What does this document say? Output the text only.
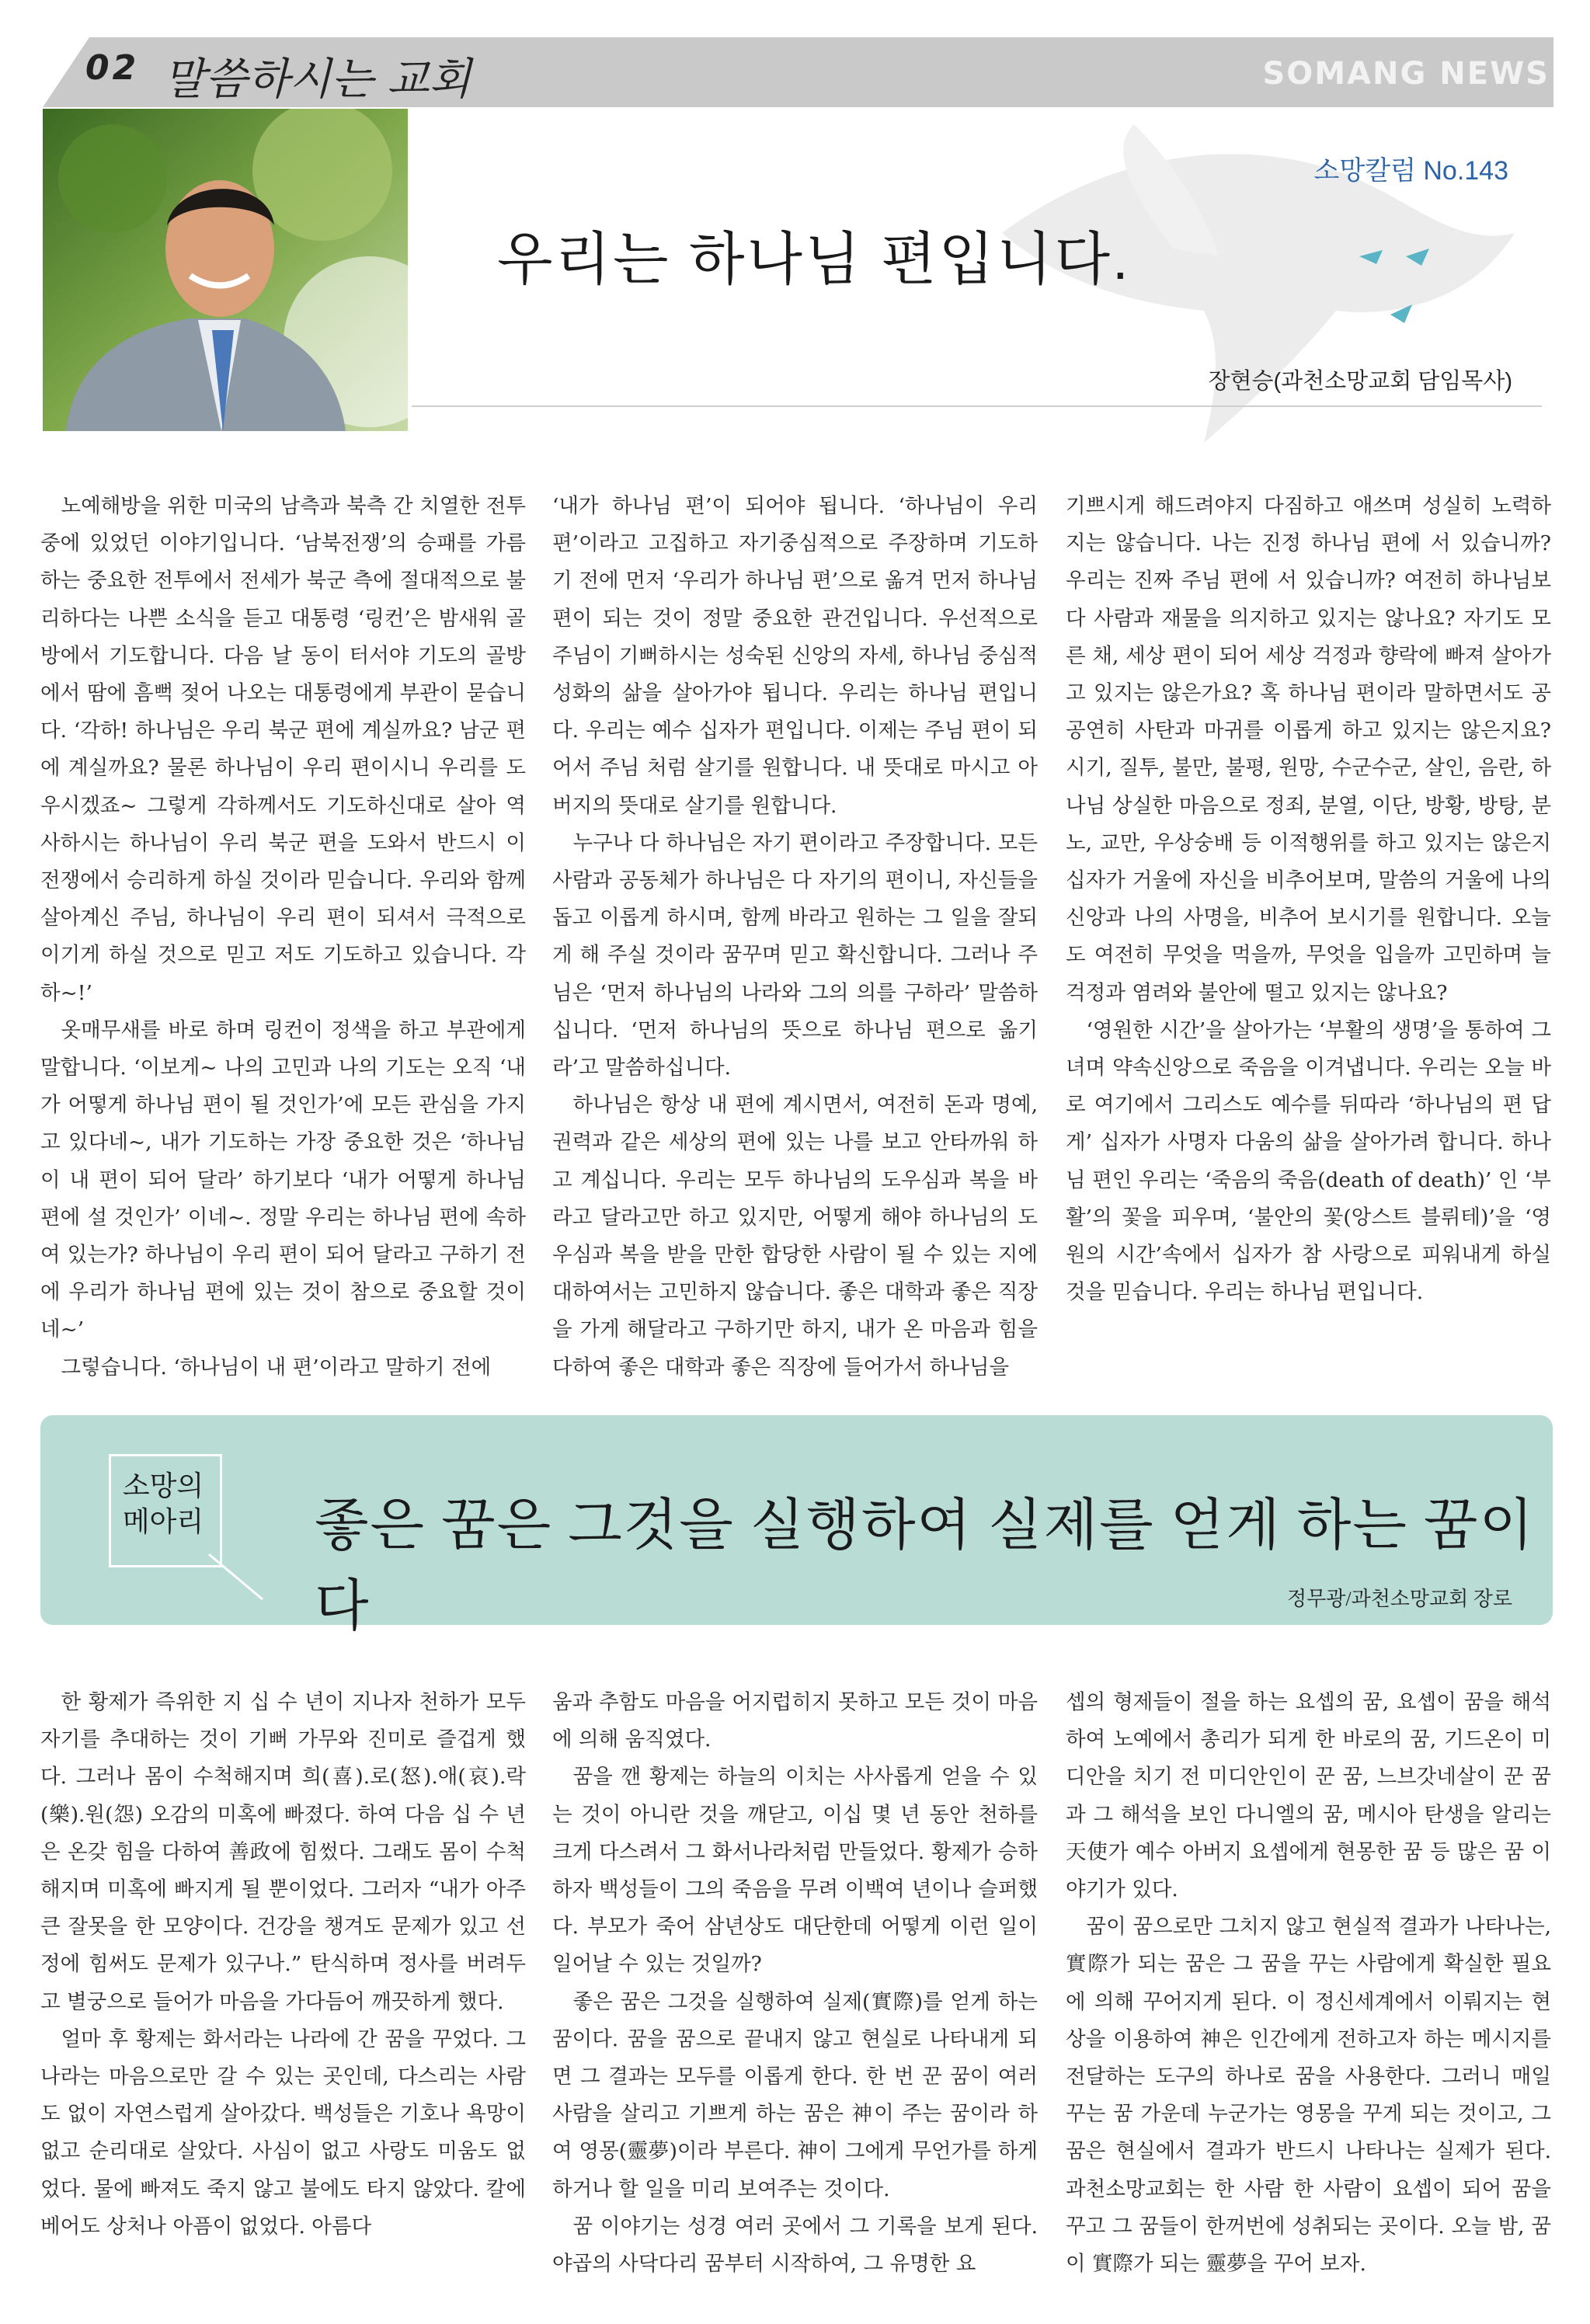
02 말씀하시는 교회	SOMANG NEWS
소망칼럼 No.143
우리는 하나님 편입니다.
장현승(과천소망교회 담임목사)

노예해방을 위한 미국의 남측과 북측 간 치열한 전투 중에 있었던 이야기입니다. ‘남북전쟁’의 승패를 가름하는 중요한 전투에서 전세가 북군 측에 절대적으로 불리하다는 나쁜 소식을 듣고 대통령 ‘링컨’은 밤새워 골방에서 기도합니다. 다음 날 동이 터서야 기도의 골방에서 땀에 흠뻑 젖어 나오는 대통령에게 부관이 묻습니다. ‘각하! 하나님은 우리 북군 편에 계실까요? 남군 편에 계실까요? 물론 하나님이 우리 편이시니 우리를 도우시겠죠~ 그렇게 각하께서도 기도하신대로 살아 역사하시는 하나님이 우리 북군 편을 도와서 반드시 이 전쟁에서 승리하게 하실 것이라 믿습니다. 우리와 함께 살아계신 주님, 하나님이 우리 편이 되셔서 극적으로 이기게 하실 것으로 믿고 저도 기도하고 있습니다. 각하~!’

옷매무새를 바로 하며 링컨이 정색을 하고 부관에게 말합니다. ‘이보게~ 나의 고민과 나의 기도는 오직 ‘내가 어떻게 하나님 편이 될 것인가’에 모든 관심을 가지고 있다네~, 내가 기도하는 가장 중요한 것은 ‘하나님이 내 편이 되어 달라’ 하기보다 ‘내가 어떻게 하나님 편에 설 것인가’ 이네~. 정말 우리는 하나님 편에 속하여 있는가? 하나님이 우리 편이 되어 달라고 구하기 전에 우리가 하나님 편에 있는 것이 참으로 중요할 것이네~’

그렇습니다. ‘하나님이 내 편’이라고 말하기 전에

‘내가 하나님 편’이 되어야 됩니다. ‘하나님이 우리 편’이라고 고집하고 자기중심적으로 주장하며 기도하기 전에 먼저 ‘우리가 하나님 편’으로 옮겨 먼저 하나님 편이 되는 것이 정말 중요한 관건입니다. 우선적으로 주님이 기뻐하시는 성숙된 신앙의 자세, 하나님 중심적 성화의 삶을 살아가야 됩니다. 우리는 하나님 편입니다. 우리는 예수 십자가 편입니다. 이제는 주님 편이 되어서 주님 처럼 살기를 원합니다. 내 뜻대로 마시고 아버지의 뜻대로 살기를 원합니다.

누구나 다 하나님은 자기 편이라고 주장합니다. 모든 사람과 공동체가 하나님은 다 자기의 편이니, 자신들을 돕고 이롭게 하시며, 함께 바라고 원하는 그 일을 잘되게 해 주실 것이라 꿈꾸며 믿고 확신합니다. 그러나 주님은 ‘먼저 하나님의 나라와 그의 의를 구하라’ 말씀하십니다. ‘먼저 하나님의 뜻으로 하나님 편으로 옮기라’고 말씀하십니다.

하나님은 항상 내 편에 계시면서, 여전히 돈과 명예, 권력과 같은 세상의 편에 있는 나를 보고 안타까워 하고 계십니다. 우리는 모두 하나님의 도우심과 복을 바라고 달라고만 하고 있지만, 어떻게 해야 하나님의 도우심과 복을 받을 만한 합당한 사람이 될 수 있는 지에 대하여서는 고민하지 않습니다. 좋은 대학과 좋은 직장을 가게 해달라고 구하기만 하지, 내가 온 마음과 힘을 다하여 좋은 대학과 좋은 직장에 들어가서 하나님을

기쁘시게 해드려야지 다짐하고 애쓰며 성실히 노력하지는 않습니다. 나는 진정 하나님 편에 서 있습니까? 우리는 진짜 주님 편에 서 있습니까? 여전히 하나님보다 사람과 재물을 의지하고 있지는 않나요? 자기도 모른 채, 세상 편이 되어 세상 걱정과 향락에 빠져 살아가고 있지는 않은가요? 혹 하나님 편이라 말하면서도 공공연히 사탄과 마귀를 이롭게 하고 있지는 않은지요? 시기, 질투, 불만, 불평, 원망, 수군수군, 살인, 음란, 하나님 상실한 마음으로 정죄, 분열, 이단, 방황, 방탕, 분노, 교만, 우상숭배 등 이적행위를 하고 있지는 않은지 십자가 거울에 자신을 비추어보며, 말씀의 거울에 나의 신앙과 나의 사명을, 비추어 보시기를 원합니다. 오늘도 여전히 무엇을 먹을까, 무엇을 입을까 고민하며 늘 걱정과 염려와 불안에 떨고 있지는 않나요?

‘영원한 시간’을 살아가는 ‘부활의 생명’을 통하여 그녀며 약속신앙으로 죽음을 이겨냅니다. 우리는 오늘 바로 여기에서 그리스도 예수를 뒤따라 ‘하나님의 편 답게’ 십자가 사명자 다움의 삶을 살아가려 합니다. 하나님 편인 우리는 ‘죽음의 죽음(death of death)’ 인 ‘부활’의 꽃을 피우며, ‘불안의 꽃(앙스트 블뤼테)’을 ‘영원의 시간’속에서 십자가 참 사랑으로 피워내게 하실 것을 믿습니다. 우리는 하나님 편입니다.

소망의
메아리 좋은 꿈은 그것을 실행하여 실제를 얻게 하는 꿈이다	정무광/과천소망교회 장로

한 황제가 즉위한 지 십 수 년이 지나자 천하가 모두 자기를 추대하는 것이 기뻐 가무와 진미로 즐겁게 했다. 그러나 몸이 수척해지며 희(喜).로(怒).애(哀).락(樂).원(怨) 오감의 미혹에 빠졌다. 하여 다음 십 수 년은 온갖 힘을 다하여 善政에 힘썼다. 그래도 몸이 수척해지며 미혹에 빠지게 될 뿐이었다. 그러자 “내가 아주 큰 잘못을 한 모양이다. 건강을 챙겨도 문제가 있고 선정에 힘써도 문제가 있구나.” 탄식하며 정사를 버려두고 별궁으로 들어가 마음을 가다듬어 깨끗하게 했다.

얼마 후 황제는 화서라는 나라에 간 꿈을 꾸었다. 그 나라는 마음으로만 갈 수 있는 곳인데, 다스리는 사람도 없이 자연스럽게 살아갔다. 백성들은 기호나 욕망이 없고 순리대로 살았다. 사심이 없고 사랑도 미움도 없었다. 물에 빠져도 죽지 않고 불에도 타지 않았다. 칼에 베어도 상처나 아픔이 없었다. 아름다

움과 추함도 마음을 어지럽히지 못하고 모든 것이 마음에 의해 움직였다.

꿈을 깬 황제는 하늘의 이치는 사사롭게 얻을 수 있는 것이 아니란 것을 깨닫고, 이십 몇 년 동안 천하를 크게 다스려서 그 화서나라처럼 만들었다. 황제가 승하하자 백성들이 그의 죽음을 무려 이백여 년이나 슬퍼했다. 부모가 죽어 삼년상도 대단한데 어떻게 이런 일이 일어날 수 있는 것일까?

좋은 꿈은 그것을 실행하여 실제(實際)를 얻게 하는 꿈이다. 꿈을 꿈으로 끝내지 않고 현실로 나타내게 되면 그 결과는 모두를 이롭게 한다. 한 번 꾼 꿈이 여러 사람을 살리고 기쁘게 하는 꿈은 神이 주는 꿈이라 하여 영몽(靈夢)이라 부른다. 神이 그에게 무언가를 하게 하거나 할 일을 미리 보여주는 것이다.

꿈 이야기는 성경 여러 곳에서 그 기록을 보게 된다. 야곱의 사닥다리 꿈부터 시작하여, 그 유명한 요

셉의 형제들이 절을 하는 요셉의 꿈, 요셉이 꿈을 해석하여 노예에서 총리가 되게 한 바로의 꿈, 기드온이 미디안을 치기 전 미디안인이 꾼 꿈, 느브갓네살이 꾼 꿈과 그 해석을 보인 다니엘의 꿈, 메시아 탄생을 알리는 天使가 예수 아버지 요셉에게 현몽한 꿈 등 많은 꿈 이야기가 있다.

꿈이 꿈으로만 그치지 않고 현실적 결과가 나타나는, 實際가 되는 꿈은 그 꿈을 꾸는 사람에게 확실한 필요에 의해 꾸어지게 된다. 이 정신세계에서 이뤄지는 현상을 이용하여 神은 인간에게 전하고자 하는 메시지를 전달하는 도구의 하나로 꿈을 사용한다. 그러니 매일 꾸는 꿈 가운데 누군가는 영몽을 꾸게 되는 것이고, 그 꿈은 현실에서 결과가 반드시 나타나는 실제가 된다. 과천소망교회는 한 사람 한 사람이 요셉이 되어 꿈을 꾸고 그 꿈들이 한꺼번에 성취되는 곳이다. 오늘 밤, 꿈이 實際가 되는 靈夢을 꾸어 보자.
